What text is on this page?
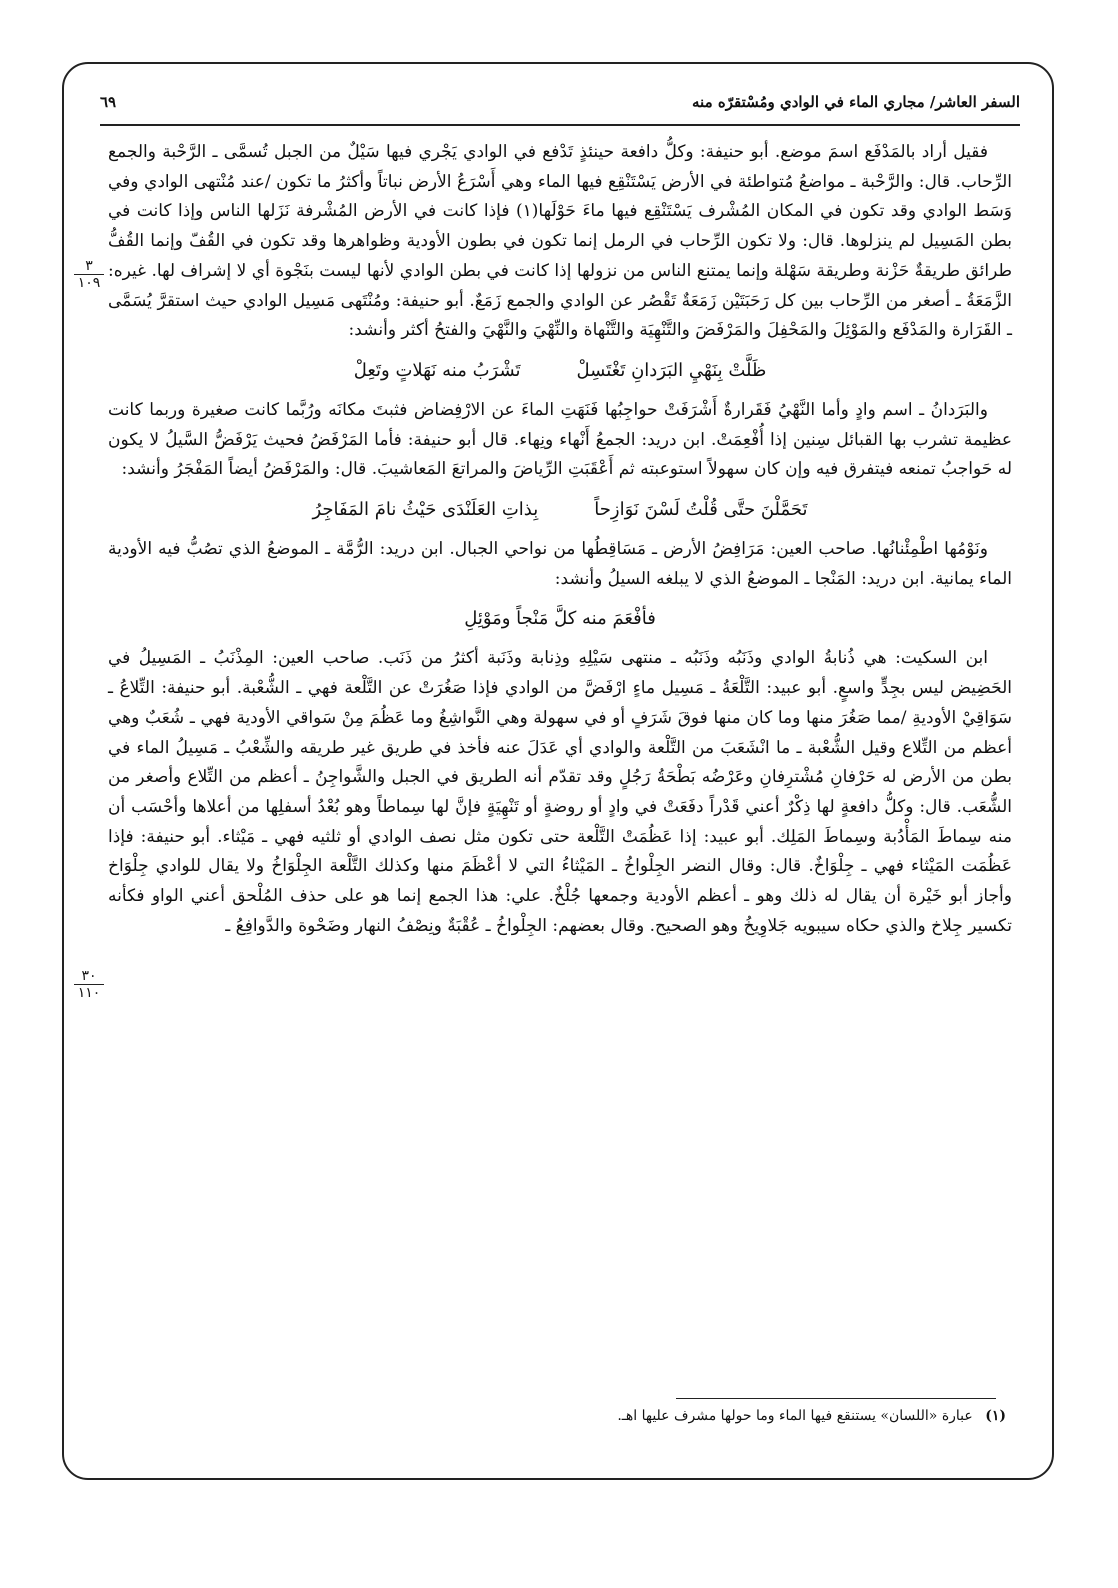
السفر العاشر/ مجاري الماء في الوادي ومُسْتقرّه منه
٦٩
٣
١٠٩
٣٠
١١٠

فقيل أراد بالمَدْفَع اسمَ موضع. أبو حنيفة: وكلُّ دافعة حينئذٍ تَدْفع في الوادي يَجْري فيها سَيْلٌ من الجبل تُسمَّى ـ الرَّحْبة والجمع الرِّحاب. قال: والرَّحْبة ـ مواضعُ مُتواطئة في الأرض يَسْتَنْقِع فيها الماء وهي أَسْرَعُ الأرض نباتاً وأكثرُ ما تكون /عند مُنْتهى الوادي وفي وَسَط الوادي وقد تكون في المكان المُشْرف يَسْتَنْقِع فيها ماءَ حَوْلَها(١) فإذا كانت في الأرض المُشْرفة نَزَلها الناس وإذا كانت في بطن المَسِيل لم ينزلوها. قال: ولا تكون الرِّحاب في الرمل إنما تكون في بطون الأودية وظواهرها وقد تكون في القُفّ وإنما القُفُّ طرائق طريقةٌ حَزْنة وطريقة سَهْلة وإنما يمتنع الناس من نزولها إذا كانت في بطن الوادي لأنها ليست بنَجْوة أي لا إشراف لها. غيره: الزَّمَعَةُ ـ أصغر من الرِّحاب بين كل رَحَبَتَيْن زَمَعَةٌ تَقْصُر عن الوادي والجمع زَمَعٌ. أبو حنيفة: ومُنْتَهى مَسِيل الوادي حيث استقرَّ يُسَمَّى ـ القَرَارة والمَدْفَع والمَوْئِلَ والمَحْفِلَ والمَرْفَضَ والتَّنْهِيَة والتَّنْهاة والنِّهْيَ والنَّهْيَ والفتحُ أكثر وأنشد:

ظَلَّتْ بِنَهْيِ البَرَدانِ تَغْتَسِلْ
تَشْرَبُ منه نَهَلاتٍ وتَعِلْ

والبَرَدانُ ـ اسم وادٍ وأما النَّهْيُ فَقَرارةٌ أَشْرَفَتْ حواجِبُها فَنَهَتِ الماءَ عن الارْفِضاض فثبتَ مكانَه ورُبَّما كانت صغيرة وربما كانت عظيمة تشرب بها القبائل سِنين إذا أُفْعِمَتْ. ابن دريد: الجمعُ أَنْهاء ونِهاء. قال أبو حنيفة: فأما المَرْفَضُ فحيث يَرْفَضُّ السَّيلُ لا يكون له حَواجبُ تمنعه فيتفرق فيه وإن كان سهولاً استوعبته ثم أَعْقَبَتِ الرِّياضَ والمراتعَ المَعاشيبَ. قال: والمَرْفَضُ أيضاً المَفْجَرُ وأنشد:

تَحَمَّلْنَ حتَّى قُلْتُ لَسْنَ نَوَازِحاً
بِذاتِ العَلَنْدَى حَيْثُ نامَ المَفَاجِرُ

ونَوْمُها اطْمِئْنانُها. صاحب العين: مَرَافِضُ الأرض ـ مَسَاقِطُها من نواحي الجبال. ابن دريد: الرُّمَّة ـ الموضعُ الذي تصُبُّ فيه الأودية الماء يمانية. ابن دريد: المَنْجا ـ الموضعُ الذي لا يبلغه السيلُ وأنشد:

فأفْعَمَ منه كلَّ مَنْجاً ومَوْئِلِ

ابن السكيت: هي ذُنابةُ الوادي وذَنَبُه وذَنَبُه ـ منتهى سَيْلِهِ وذِنابة وذَنَبة أكثرُ من ذَنَب. صاحب العين: المِذْنَبُ ـ المَسِيلُ في الحَضِيض ليس بجِدٍّ واسعٍ. أبو عبيد: التَّلْعَةُ ـ مَسِيل ماءٍ ارْفَضَّ من الوادي فإذا صَغُرَتْ عن التَّلْعة فهي ـ الشُّعْبة. أبو حنيفة: التِّلاعُ ـ سَوَاقِيْ الأوديةِ /مما صَغُرَ منها وما كان منها فوقَ شَرَفٍ أو في سهولة وهي النَّواشِغُ وما عَظُمَ مِنْ سَواقي الأودية فهي ـ شُعَبٌ وهي أعظم من التِّلاع وقيل الشُّعْبة ـ ما انْشَعَبَ من التَّلْعة والوادي أي عَدَلَ عنه فأخذ في طريق غير طريقه والشِّعْبُ ـ مَسِيلُ الماء في بطن من الأرض له حَرْفانِ مُشْترِفانِ وعَرْضُه بَطْحَةُ رَجُلٍ وقد تقدّم أنه الطريق في الجبل والشَّواجِنُ ـ أعظم من التِّلاع وأصغر من الشُّعَب. قال: وكلُّ دافعةٍ لها ذِكْرٌ أعني قَدْراً دفَعَتْ في وادٍ أو روضةٍ أو تَنْهِيَةٍ فإنَّ لها سِماطاً وهو بُعْدُ أسفلِها من أعلاها وأحْسَب أن منه سِماطَ المَأْدُبة وسِماطَ المَلِك. أبو عبيد: إذا عَظُمَتْ التَّلْعة حتى تكون مثل نصف الوادي أو ثلثيه فهي ـ مَيْثاء. أبو حنيفة: فإذا عَظُمَت المَيْثاء فهي ـ جِلْوَاخٌ. قال: وقال النضر الجِلْواخُ ـ المَيْثاءُ التي لا أعْظَمَ منها وكذلك التَّلْعة الجِلْوَاخُ ولا يقال للوادي جِلْوَاخ وأجاز أبو خَيْرة أن يقال له ذلك وهو ـ أعظم الأودية وجمعها جُلْخٌ. علي: هذا الجمع إنما هو على حذف المُلْحق أعني الواو فكأنه تكسير جِلاخ والذي حكاه سيبويه جَلاوِيخُ وهو الصحيح. وقال بعضهم: الجِلْواخُ ـ عُقْبَةٌ ونِصْفُ النهار وضَحْوة والدَّوافِعُ ـ

(١) عبارة «اللسان» يستنقع فيها الماء وما حولها مشرف عليها اهـ.
